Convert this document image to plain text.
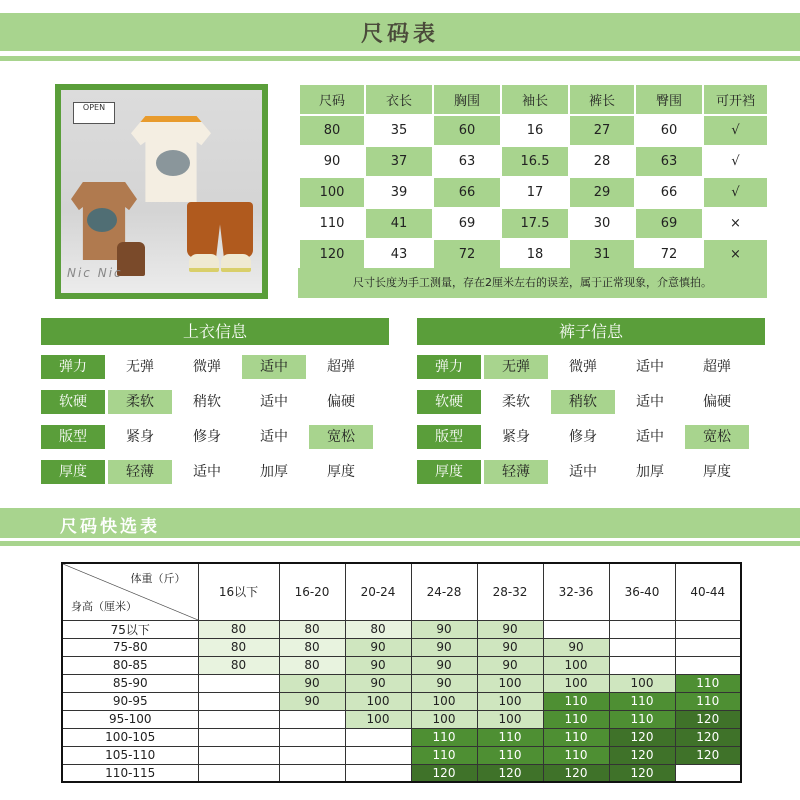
尺码表
OPEN
Nic Nic
尺码	衣长	胸围	袖长	裤长	臀围	可开裆
80	35	60	16	27	60	√
90	37	63	16.5	28	63	√
100	39	66	17	29	66	√
110	41	69	17.5	30	69	×
120	43	72	18	31	72	×
尺寸长度为手工测量，存在2厘米左右的误差，属于正常现象，介意慎拍。
上衣信息	裤子信息
弹力	无弹	微弹	适中	超弹
软硬	柔软	稍软	适中	偏硬
版型	紧身	修身	适中	宽松
厚度	轻薄	适中	加厚	厚度
弹力	无弹	微弹	适中	超弹
软硬	柔软	稍软	适中	偏硬
版型	紧身	修身	适中	宽松
厚度	轻薄	适中	加厚	厚度
尺码快选表
体重（斤）
身高（厘米）	16以下	16-20	20-24	24-28	28-32	32-36	36-40	40-44
75以下	80	80	80	90	90			
75-80	80	80	90	90	90	90		
80-85	80	80	90	90	90	100		
85-90		90	90	90	100	100	100	110
90-95		90	100	100	100	110	110	110
95-100			100	100	100	110	110	120
100-105				110	110	110	120	120
105-110				110	110	110	120	120
110-115				120	120	120	120	
